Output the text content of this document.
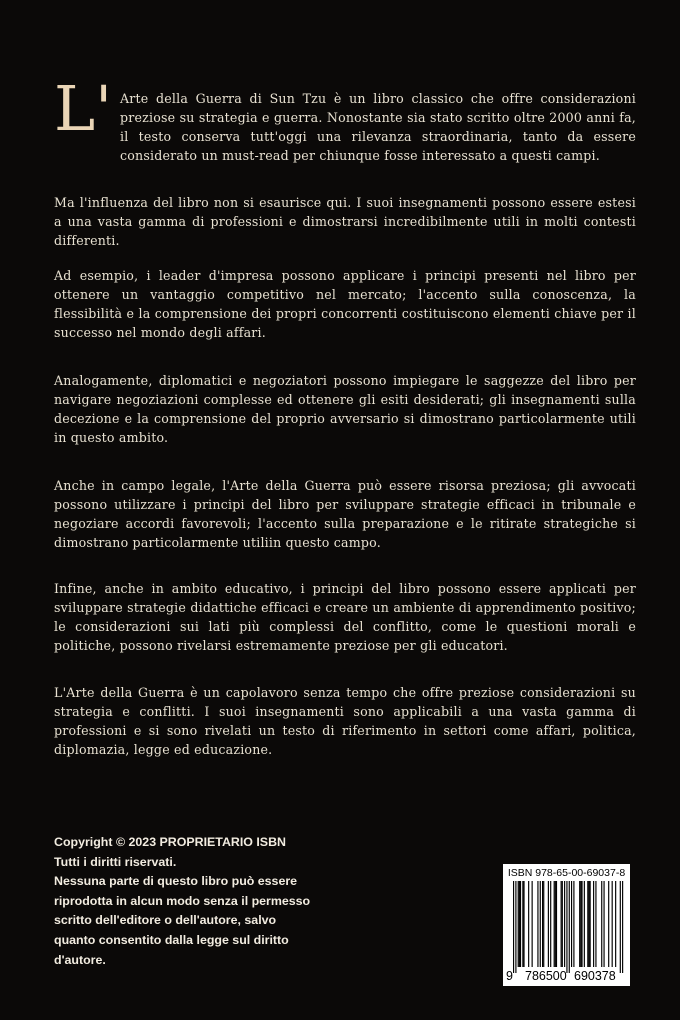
L' Arte della Guerra di Sun Tzu è un libro classico che offre considerazioni preziose su strategia e guerra. Nonostante sia stato scritto oltre 2000 anni fa, il testo conserva tutt'oggi una rilevanza straordinaria, tanto da essere considerato un must-read per chiunque fosse interessato a questi campi.

Ma l'influenza del libro non si esaurisce qui. I suoi insegnamenti possono essere estesi a una vasta gamma di professioni e dimostrarsi incredibilmente utili in molti contesti differenti.

Ad esempio, i leader d'impresa possono applicare i principi presenti nel libro per ottenere un vantaggio competitivo nel mercato; l'accento sulla conoscenza, la flessibilità e la comprensione dei propri concorrenti costituiscono elementi chiave per il successo nel mondo degli affari.

Analogamente, diplomatici e negoziatori possono impiegare le saggezze del libro per navigare negoziazioni complesse ed ottenere gli esiti desiderati; gli insegnamenti sulla decezione e la comprensione del proprio avversario si dimostrano particolarmente utili in questo ambito.

Anche in campo legale, l'Arte della Guerra può essere risorsa preziosa; gli avvocati possono utilizzare i principi del libro per sviluppare strategie efficaci in tribunale e negoziare accordi favorevoli; l'accento sulla preparazione e le ritirate strategiche si dimostrano particolarmente utiliin questo campo.

Infine, anche in ambito educativo, i principi del libro possono essere applicati per sviluppare strategie didattiche efficaci e creare un ambiente di apprendimento positivo; le considerazioni sui lati più complessi del conflitto, come le questioni morali e politiche, possono rivelarsi estremamente preziose per gli educatori.

L'Arte della Guerra è un capolavoro senza tempo che offre preziose considerazioni su strategia e conflitti. I suoi insegnamenti sono applicabili a una vasta gamma di professioni e si sono rivelati un testo di riferimento in settori come affari, politica, diplomazia, legge ed educazione.

Copyright © 2023 PROPRIETARIO ISBN
Tutti i diritti riservati.
Nessuna parte di questo libro può essere
riprodotta in alcun modo senza il permesso
scritto dell'editore o dell'autore, salvo
quanto consentito dalla legge sul diritto
d'autore.
ISBN 978-65-00-69037-8
9 786500 690378
